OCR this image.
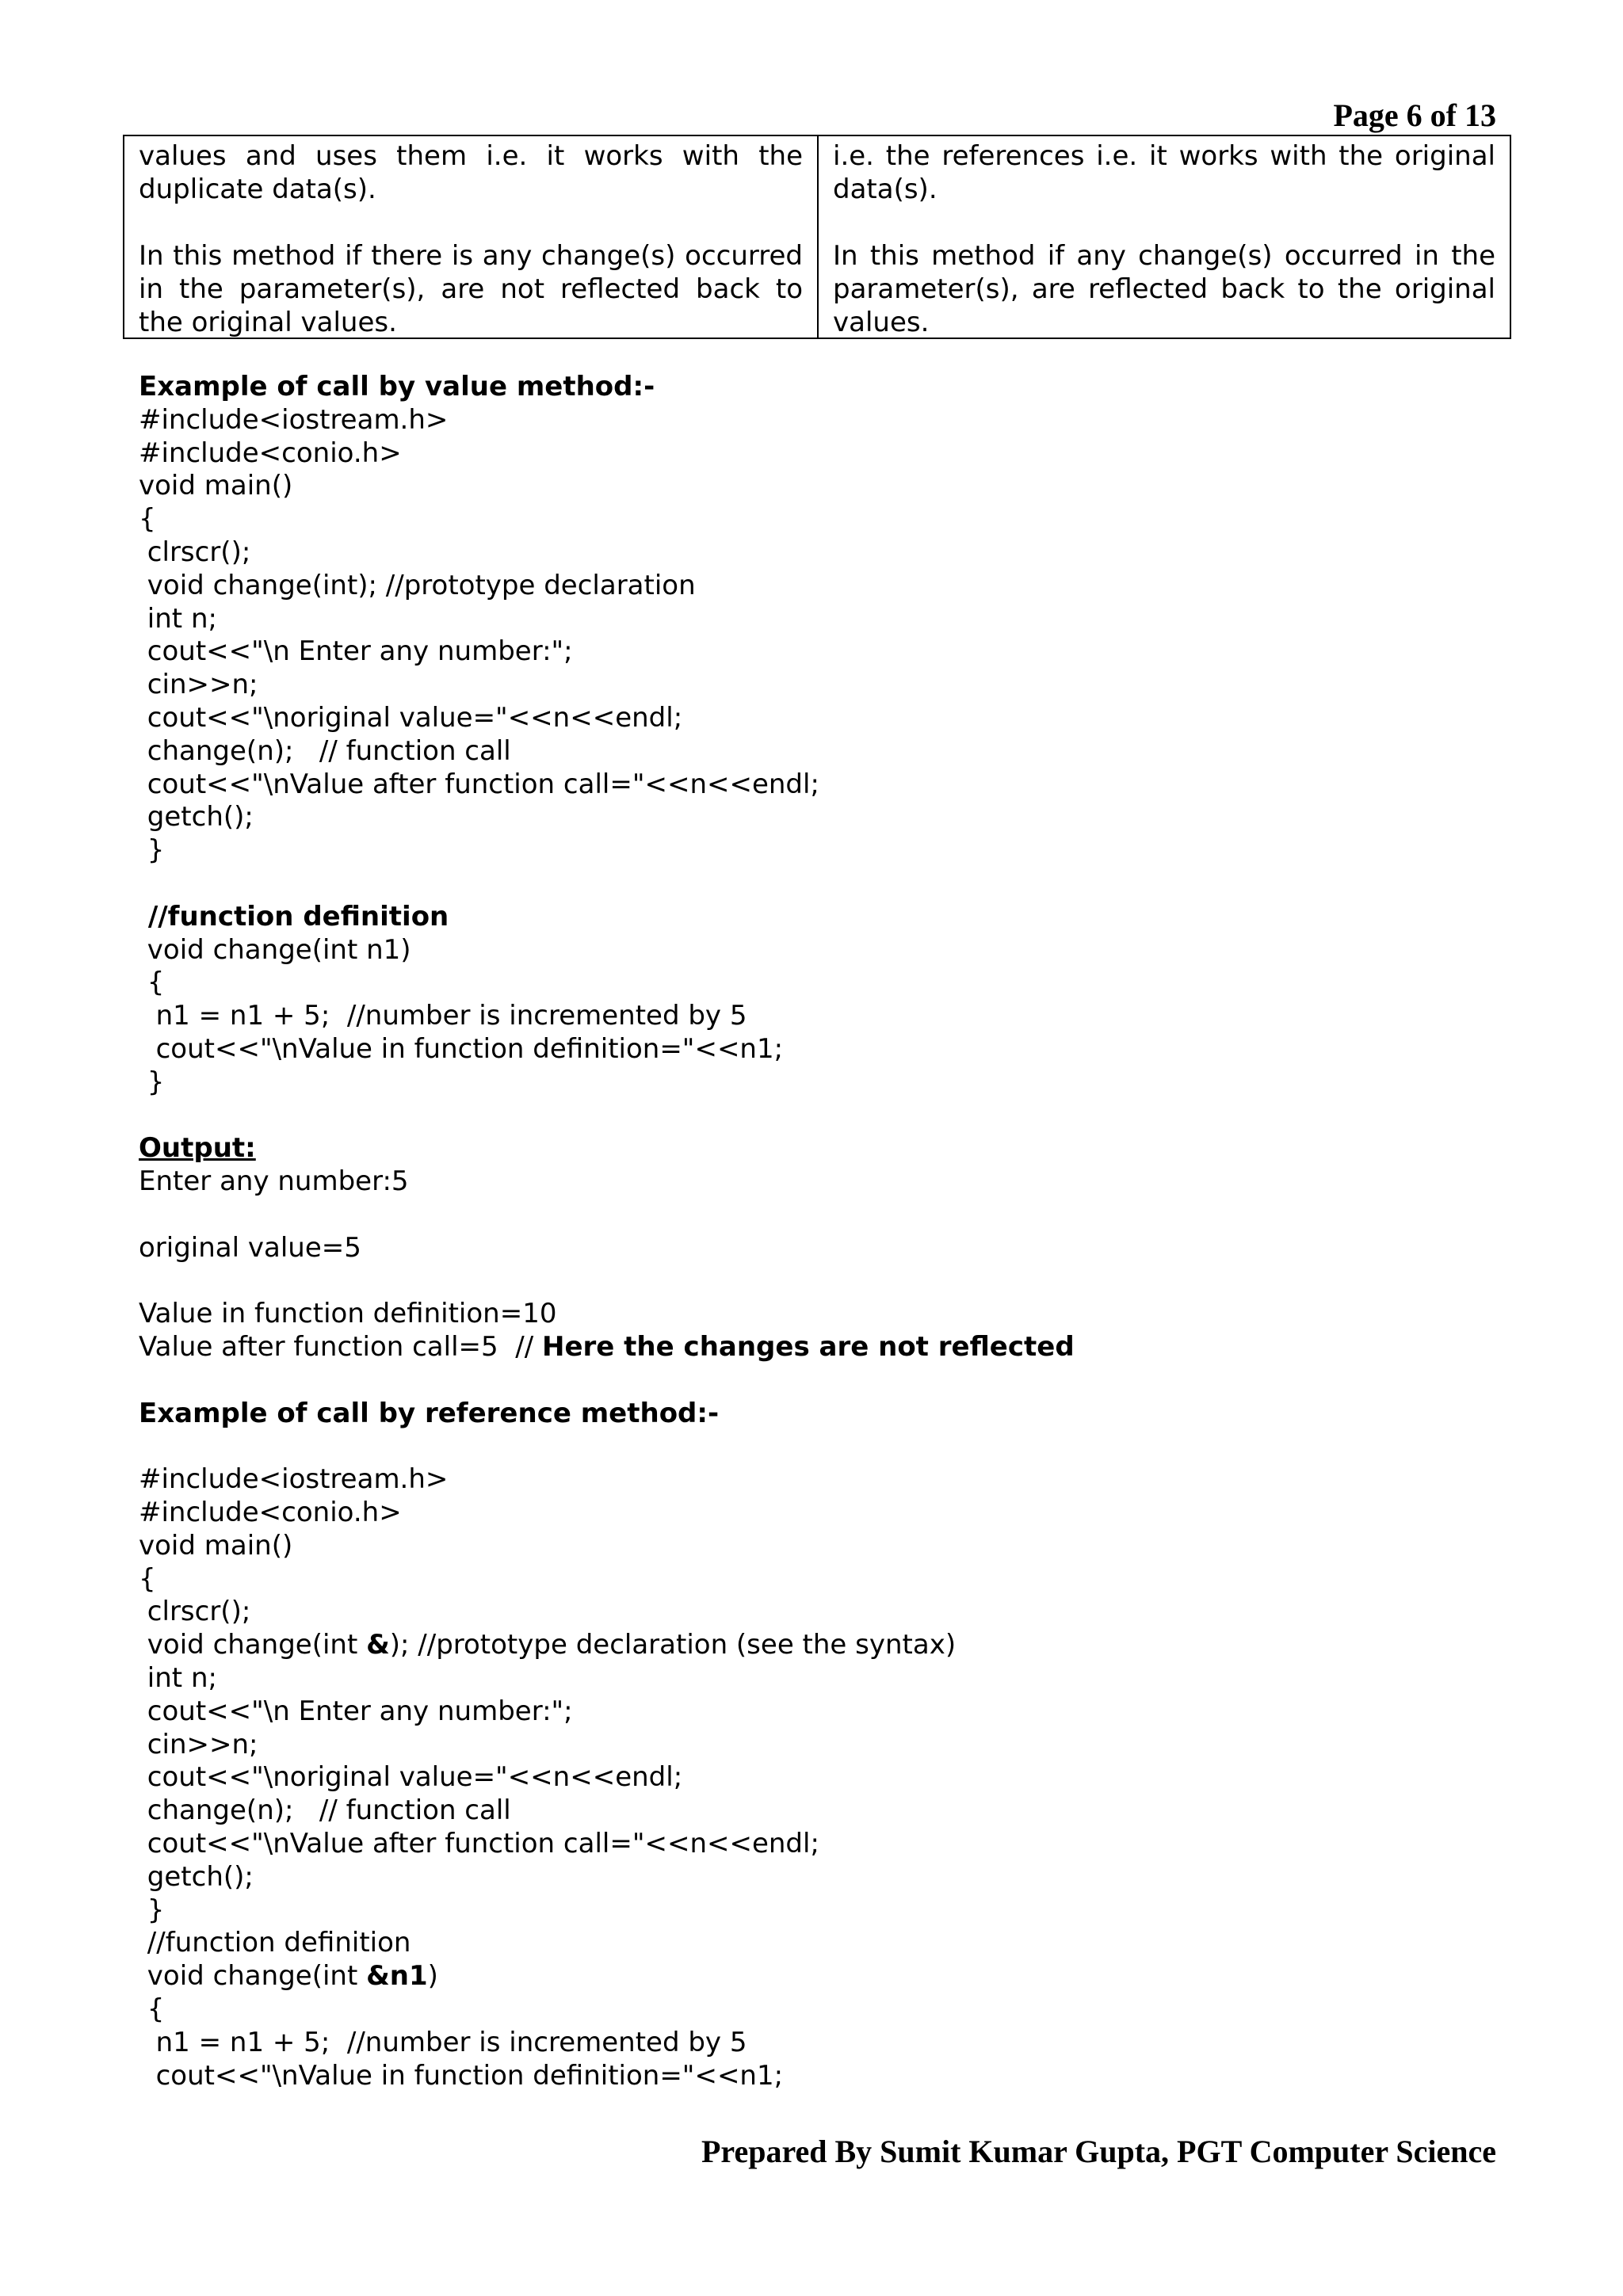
Page 6 of 13

values and uses them i.e. it works with the duplicate data(s).

In this method if there is any change(s) occurred in the parameter(s), are not reflected back to the original values.

i.e. the references i.e. it works with the original data(s).

In this method if any change(s) occurred in the parameter(s), are reflected back to the original values.

Example of call by value method:-
#include<iostream.h>
#include<conio.h>
void main()
{
clrscr();
void change(int); //prototype declaration
int n;
cout<<"\n Enter any number:";
cin>>n;
cout<<"\noriginal value="<<n<<endl;
change(n);   // function call
cout<<"\nValue after function call="<<n<<endl;
getch();
}
//function definition
void change(int n1)
{
n1 = n1 + 5;  //number is incremented by 5
cout<<"\nValue in function definition="<<n1;
}
Output:
Enter any number:5
original value=5
Value in function definition=10
Value after function call=5  // Here the changes are not reflected
Example of call by reference method:-
#include<iostream.h>
#include<conio.h>
void main()
{
clrscr();
void change(int &); //prototype declaration (see the syntax)
int n;
cout<<"\n Enter any number:";
cin>>n;
cout<<"\noriginal value="<<n<<endl;
change(n);   // function call
cout<<"\nValue after function call="<<n<<endl;
getch();
}
//function definition
void change(int &n1)
{
n1 = n1 + 5;  //number is incremented by 5
cout<<"\nValue in function definition="<<n1;
Prepared By Sumit Kumar Gupta, PGT Computer Science
